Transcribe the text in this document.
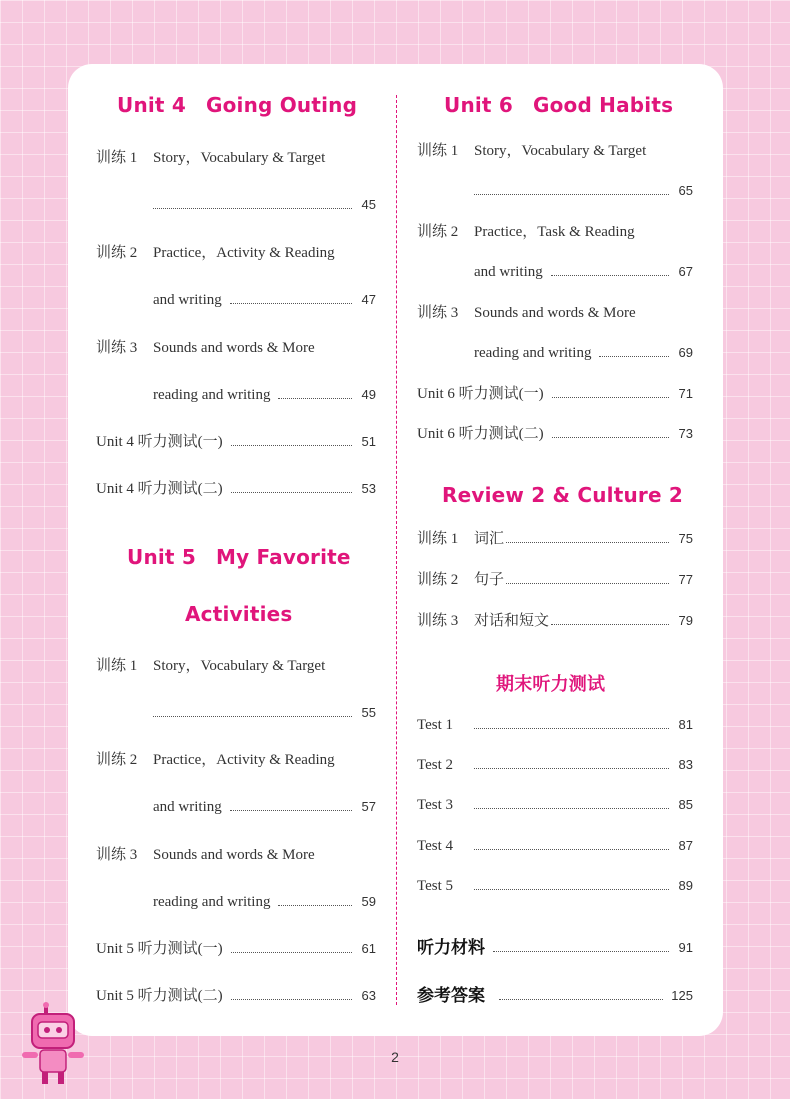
Unit 4 Going Outing
训练 1	Story，Vocabulary & Target
45
训练 2	Practice，Activity & Reading
and writing	47
训练 3	Sounds and words & More
reading and writing	49
Unit 4 听力测试(一)	51
Unit 4 听力测试(二)	53
Unit 5 My Favorite
Activities
训练 1	Story，Vocabulary & Target
55
训练 2	Practice，Activity & Reading
and writing	57
训练 3	Sounds and words & More
reading and writing	59
Unit 5 听力测试(一)	61
Unit 5 听力测试(二)	63
Unit 6 Good Habits
训练 1	Story，Vocabulary & Target
65
训练 2	Practice，Task & Reading
and writing	67
训练 3	Sounds and words & More
reading and writing	69
Unit 6 听力测试(一)	71
Unit 6 听力测试(二)	73
Review 2 & Culture 2
训练 1	词汇	75
训练 2	句子	77
训练 3	对话和短文	79
期末听力测试
Test 1	81
Test 2	83
Test 3	85
Test 4	87
Test 5	89
听力材料	91
参考答案	125
2
